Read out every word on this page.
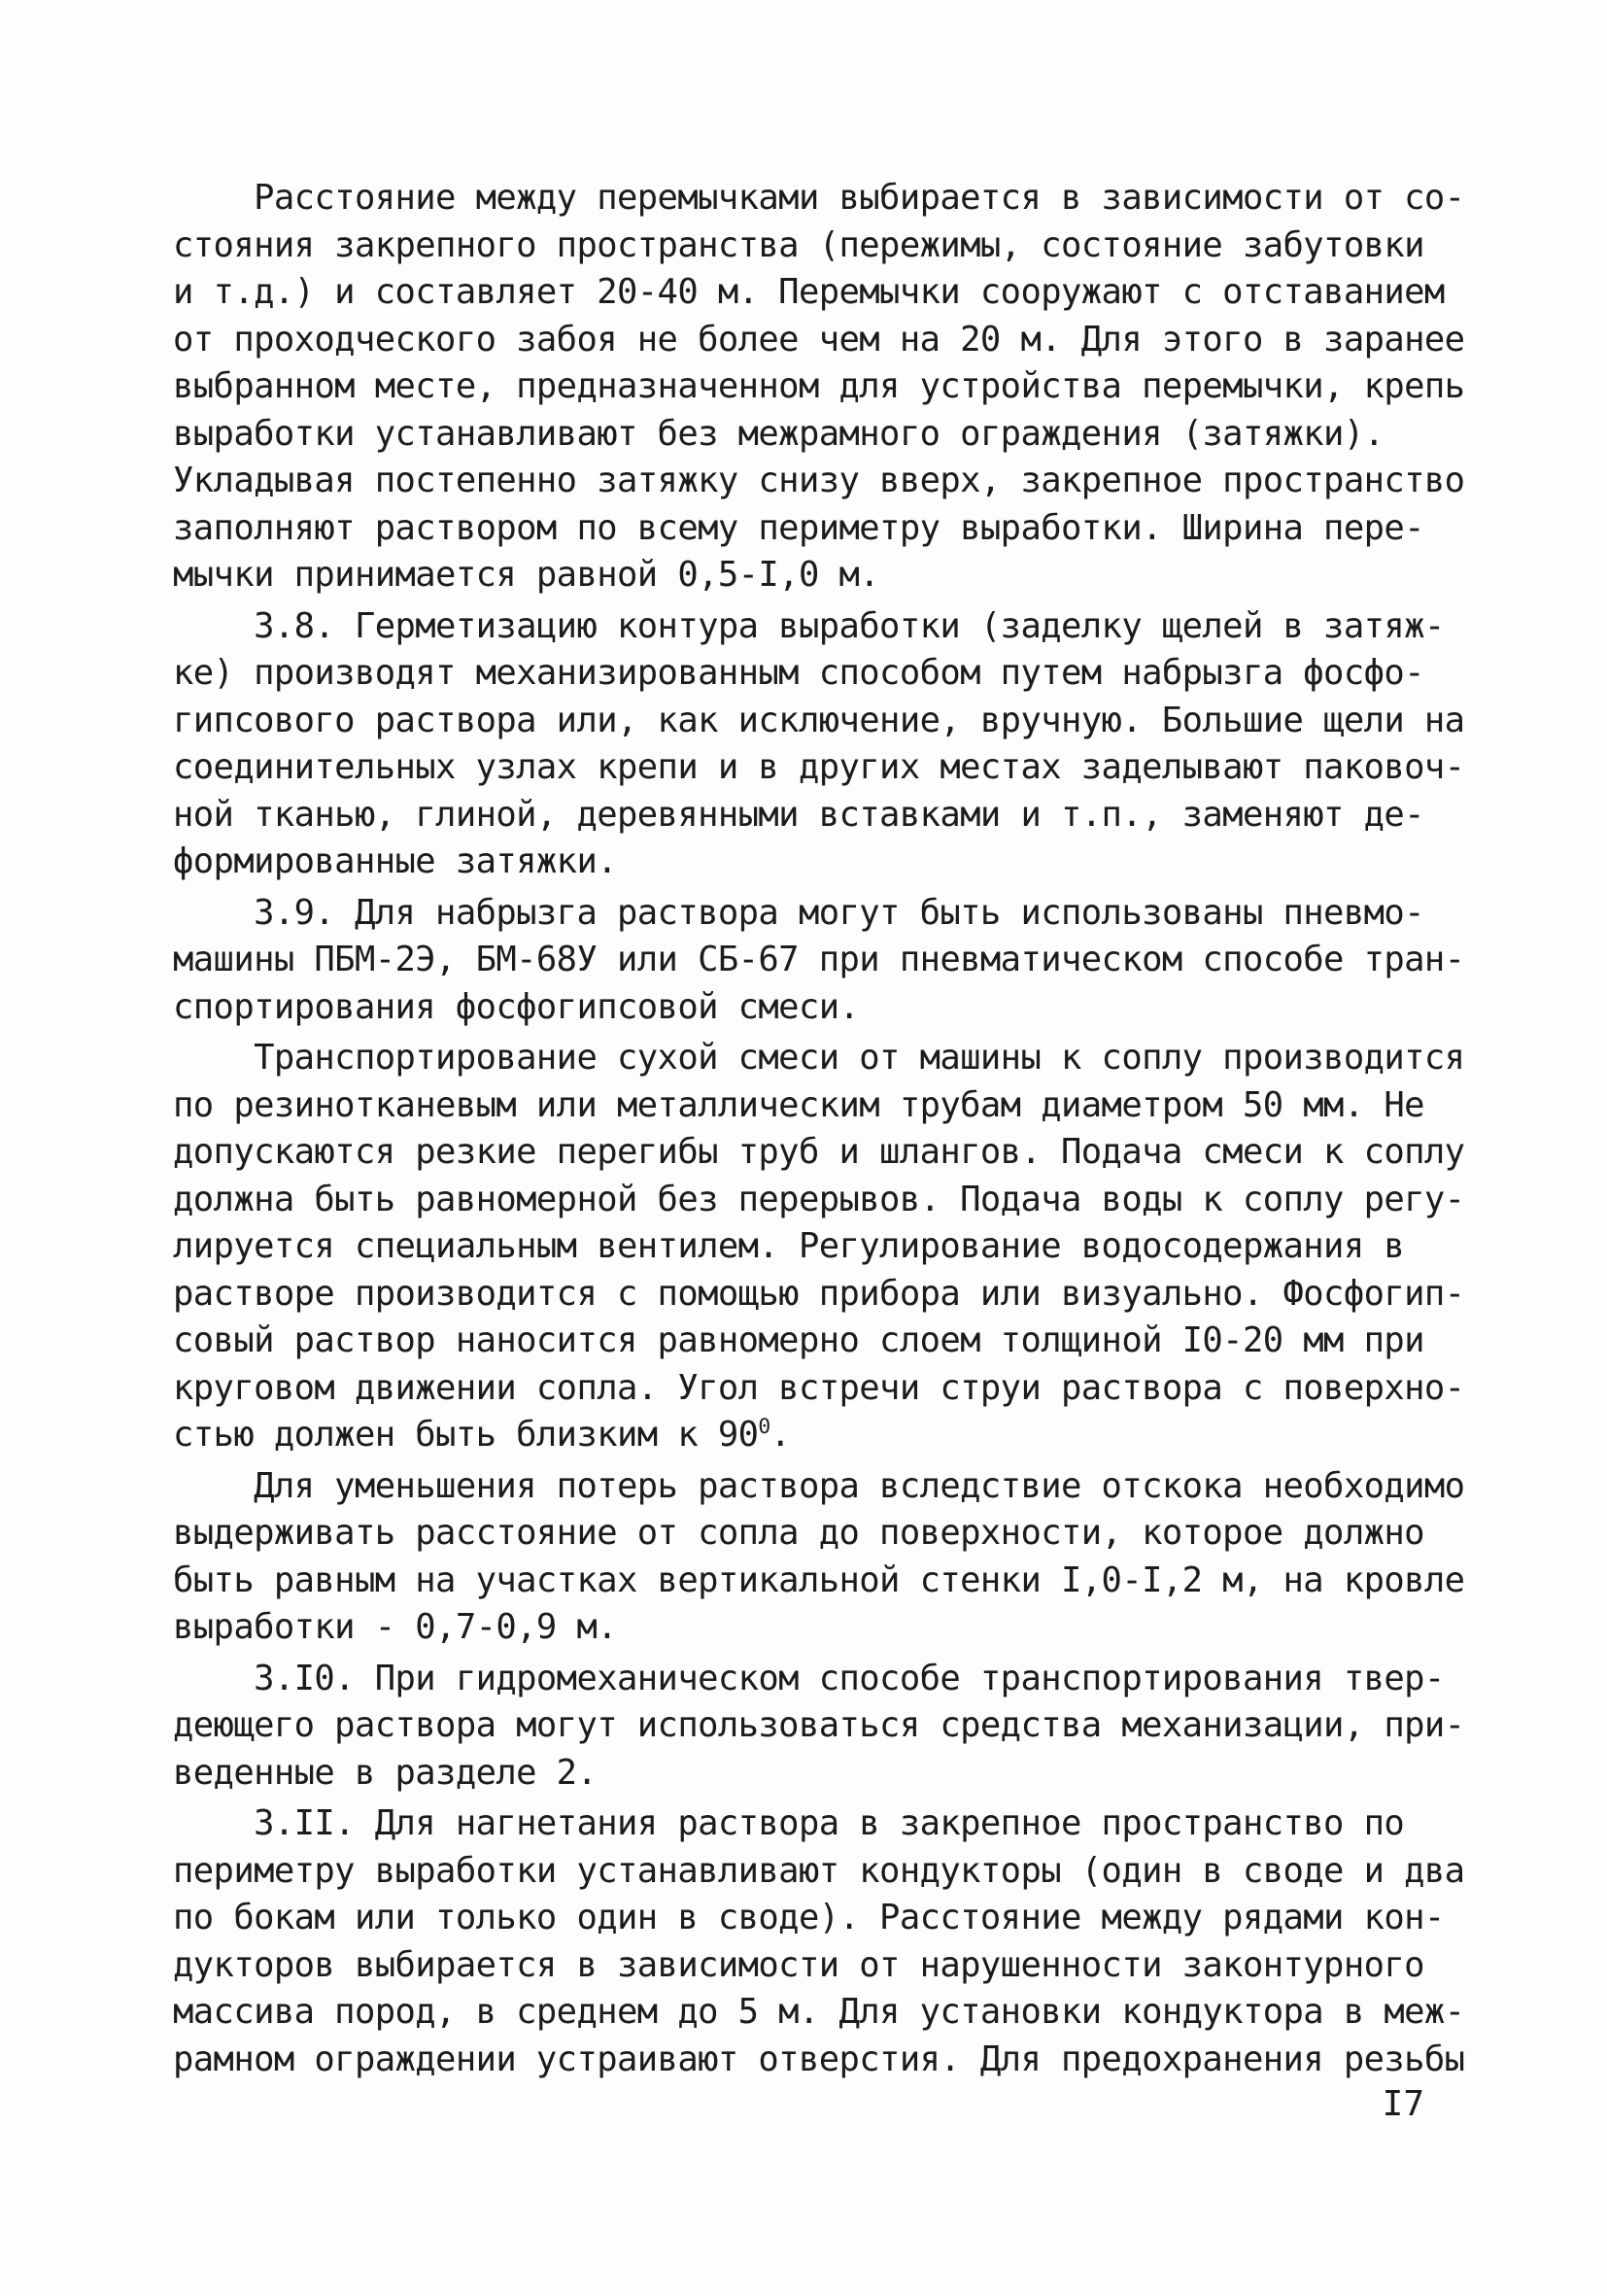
Расстояние между перемычками выбирается в зависимости от со-
стояния закрепного пространства (пережимы, состояние забутовки
и т.д.) и составляет 20-40 м. Перемычки сооружают с отставанием
от проходческого забоя не более чем на 20 м. Для этого в заранее
выбранном месте, предназначенном для устройства перемычки, крепь
выработки устанавливают без межрамного ограждения (затяжки).
Укладывая постепенно затяжку снизу вверх, закрепное пространство
заполняют раствором по всему периметру выработки. Ширина пере-
мычки принимается равной 0,5-I,0 м.
3.8. Герметизацию контура выработки (заделку щелей в затяж-
ке) производят механизированным способом путем набрызга фосфо-
гипсового раствора или, как исключение, вручную. Большие щели на
соединительных узлах крепи и в других местах заделывают паковоч-
ной тканью, глиной, деревянными вставками и т.п., заменяют де-
формированные затяжки.
3.9. Для набрызга раствора могут быть использованы пневмо-
машины ПБМ-2Э, БМ-68У или СБ-67 при пневматическом способе тран-
спортирования фосфогипсовой смеси.
Транспортирование сухой смеси от машины к соплу производится
по резинотканевым или металлическим трубам диаметром 50 мм. Не
допускаются резкие перегибы труб и шлангов. Подача смеси к соплу
должна быть равномерной без перерывов. Подача воды к соплу регу-
лируется специальным вентилем. Регулирование водосодержания в
растворе производится с помощью прибора или визуально. Фосфогип-
совый раствор наносится равномерно слоем толщиной I0-20 мм при
круговом движении сопла. Угол встречи струи раствора с поверхно-
стью должен быть близким к $90^0$.
Для уменьшения потерь раствора вследствие отскока необходимо
выдерживать расстояние от сопла до поверхности, которое должно
быть равным на участках вертикальной стенки I,0-I,2 м, на кровле
выработки - 0,7-0,9 м.
3.I0. При гидромеханическом способе транспортирования твер-
деющего раствора могут использоваться средства механизации, при-
веденные в разделе 2.
3.II. Для нагнетания раствора в закрепное пространство по
периметру выработки устанавливают кондукторы (один в своде и два
по бокам или только один в своде). Расстояние между рядами кон-
дукторов выбирается в зависимости от нарушенности законтурного
массива пород, в среднем до 5 м. Для установки кондуктора в меж-
рамном ограждении устраивают отверстия. Для предохранения резьбы
I7
